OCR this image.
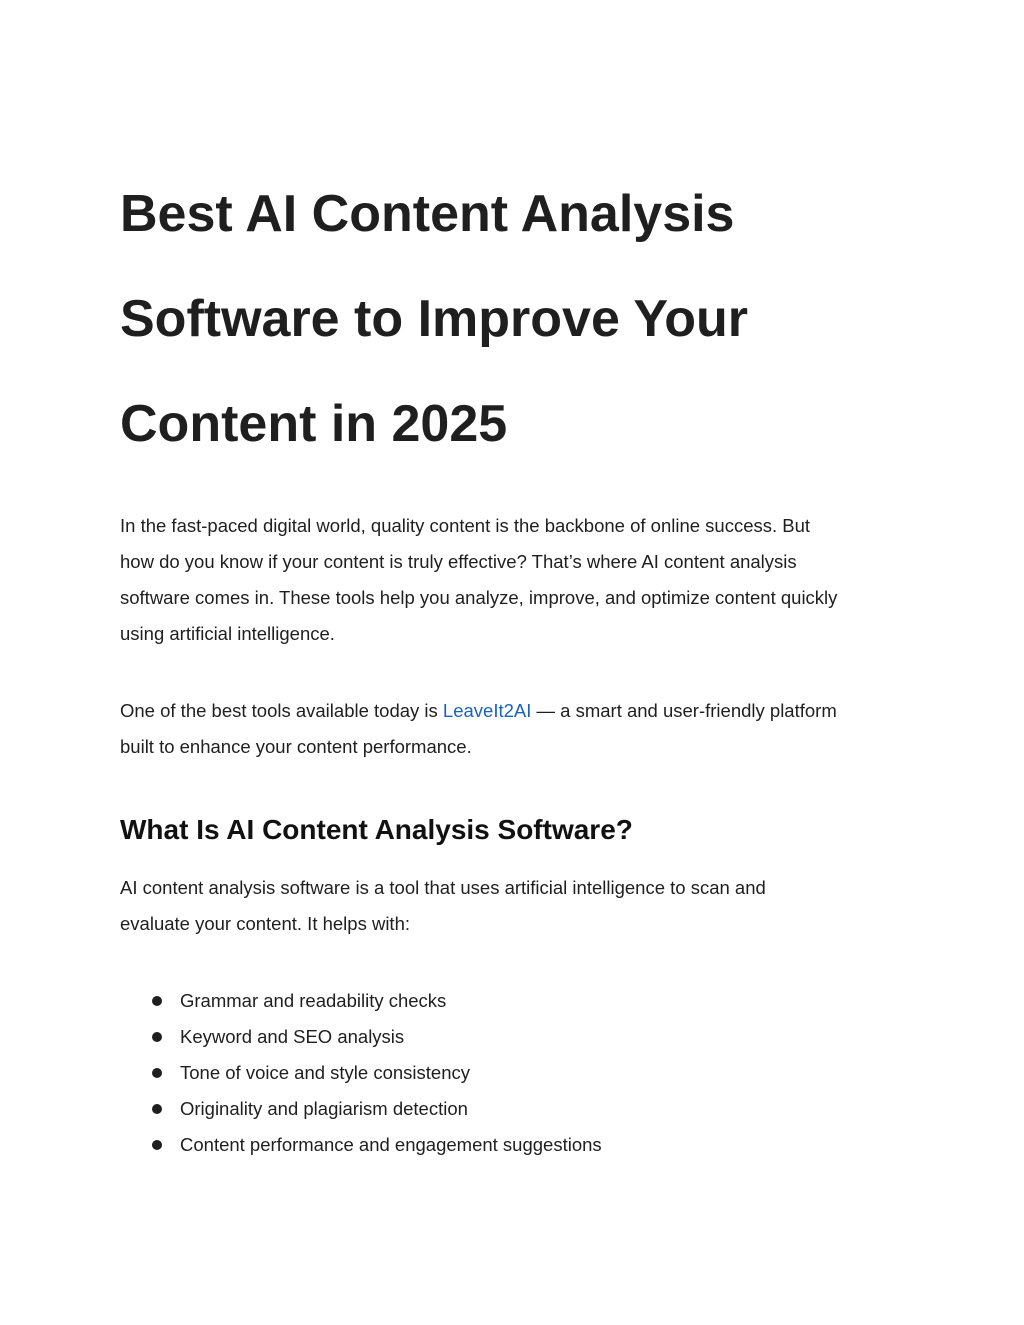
Best AI Content Analysis
Software to Improve Your
Content in 2025

In the fast-paced digital world, quality content is the backbone of online success. But
how do you know if your content is truly effective? That’s where AI content analysis
software comes in. These tools help you analyze, improve, and optimize content quickly
using artificial intelligence.

One of the best tools available today is LeaveIt2AI — a smart and user-friendly platform
built to enhance your content performance.

What Is AI Content Analysis Software?

AI content analysis software is a tool that uses artificial intelligence to scan and
evaluate your content. It helps with:

Grammar and readability checks
Keyword and SEO analysis
Tone of voice and style consistency
Originality and plagiarism detection
Content performance and engagement suggestions
